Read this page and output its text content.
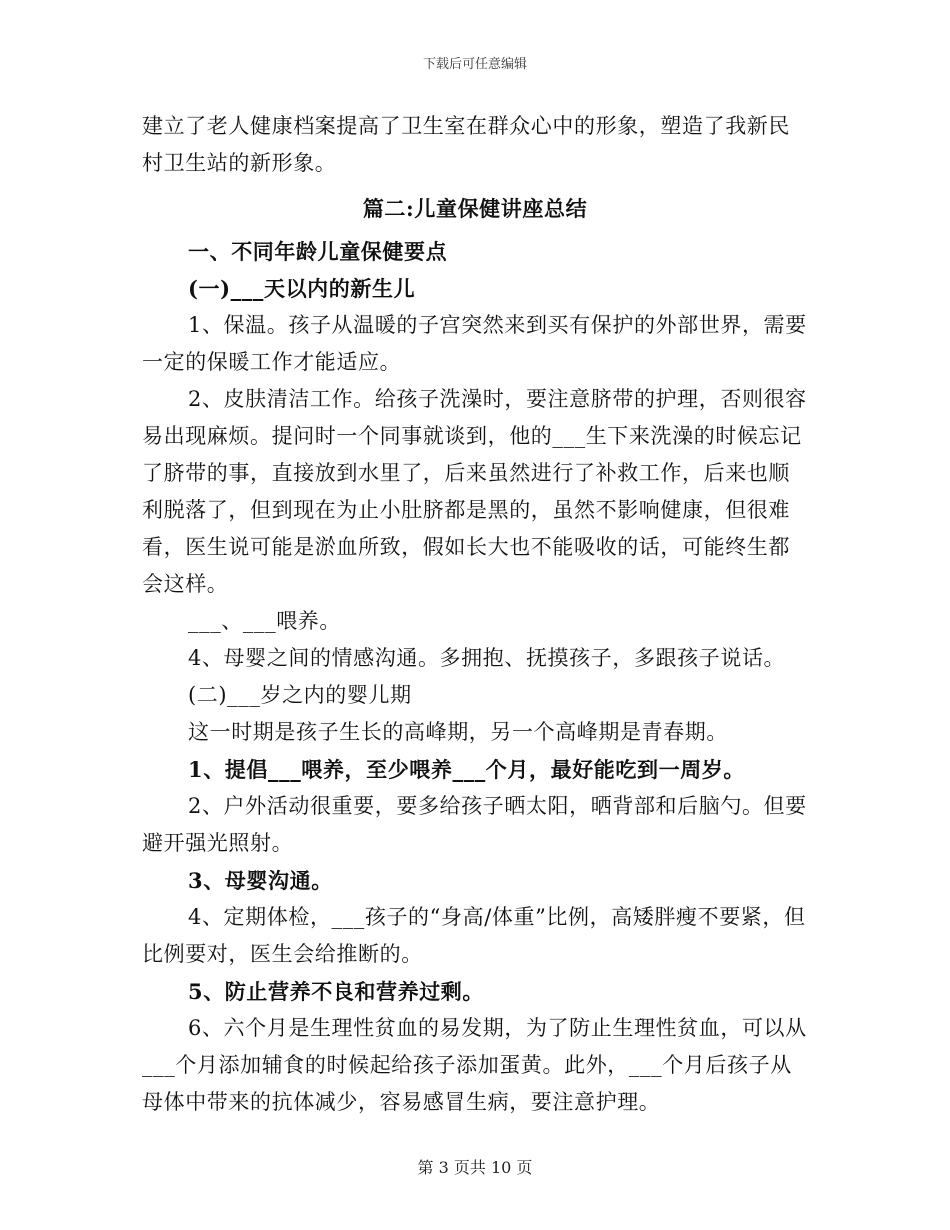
下载后可任意编辑

建立了老人健康档案提高了卫生室在群众心中的形象，塑造了我新民村卫生站的新形象。

篇二:儿童保健讲座总结

一、不同年龄儿童保健要点

(一)___天以内的新生儿

1、保温。孩子从温暖的子宫突然来到买有保护的外部世界，需要一定的保暖工作才能适应。

2、皮肤清洁工作。给孩子洗澡时，要注意脐带的护理，否则很容易出现麻烦。提问时一个同事就谈到，他的___生下来洗澡的时候忘记了脐带的事，直接放到水里了，后来虽然进行了补救工作，后来也顺利脱落了，但到现在为止小肚脐都是黑的，虽然不影响健康，但很难看，医生说可能是淤血所致，假如长大也不能吸收的话，可能终生都会这样。

___、___喂养。

4、母婴之间的情感沟通。多拥抱、抚摸孩子，多跟孩子说话。

(二)___岁之内的婴儿期

这一时期是孩子生长的高峰期，另一个高峰期是青春期。

1、提倡___喂养，至少喂养___个月，最好能吃到一周岁。

2、户外活动很重要，要多给孩子晒太阳，晒背部和后脑勺。但要避开强光照射。

3、母婴沟通。

4、定期体检，___孩子的“身高/体重”比例，高矮胖瘦不要紧，但比例要对，医生会给推断的。

5、防止营养不良和营养过剩。

6、六个月是生理性贫血的易发期，为了防止生理性贫血，可以从___个月添加辅食的时候起给孩子添加蛋黄。此外，___个月后孩子从母体中带来的抗体减少，容易感冒生病，要注意护理。

第 3 页共 10 页
